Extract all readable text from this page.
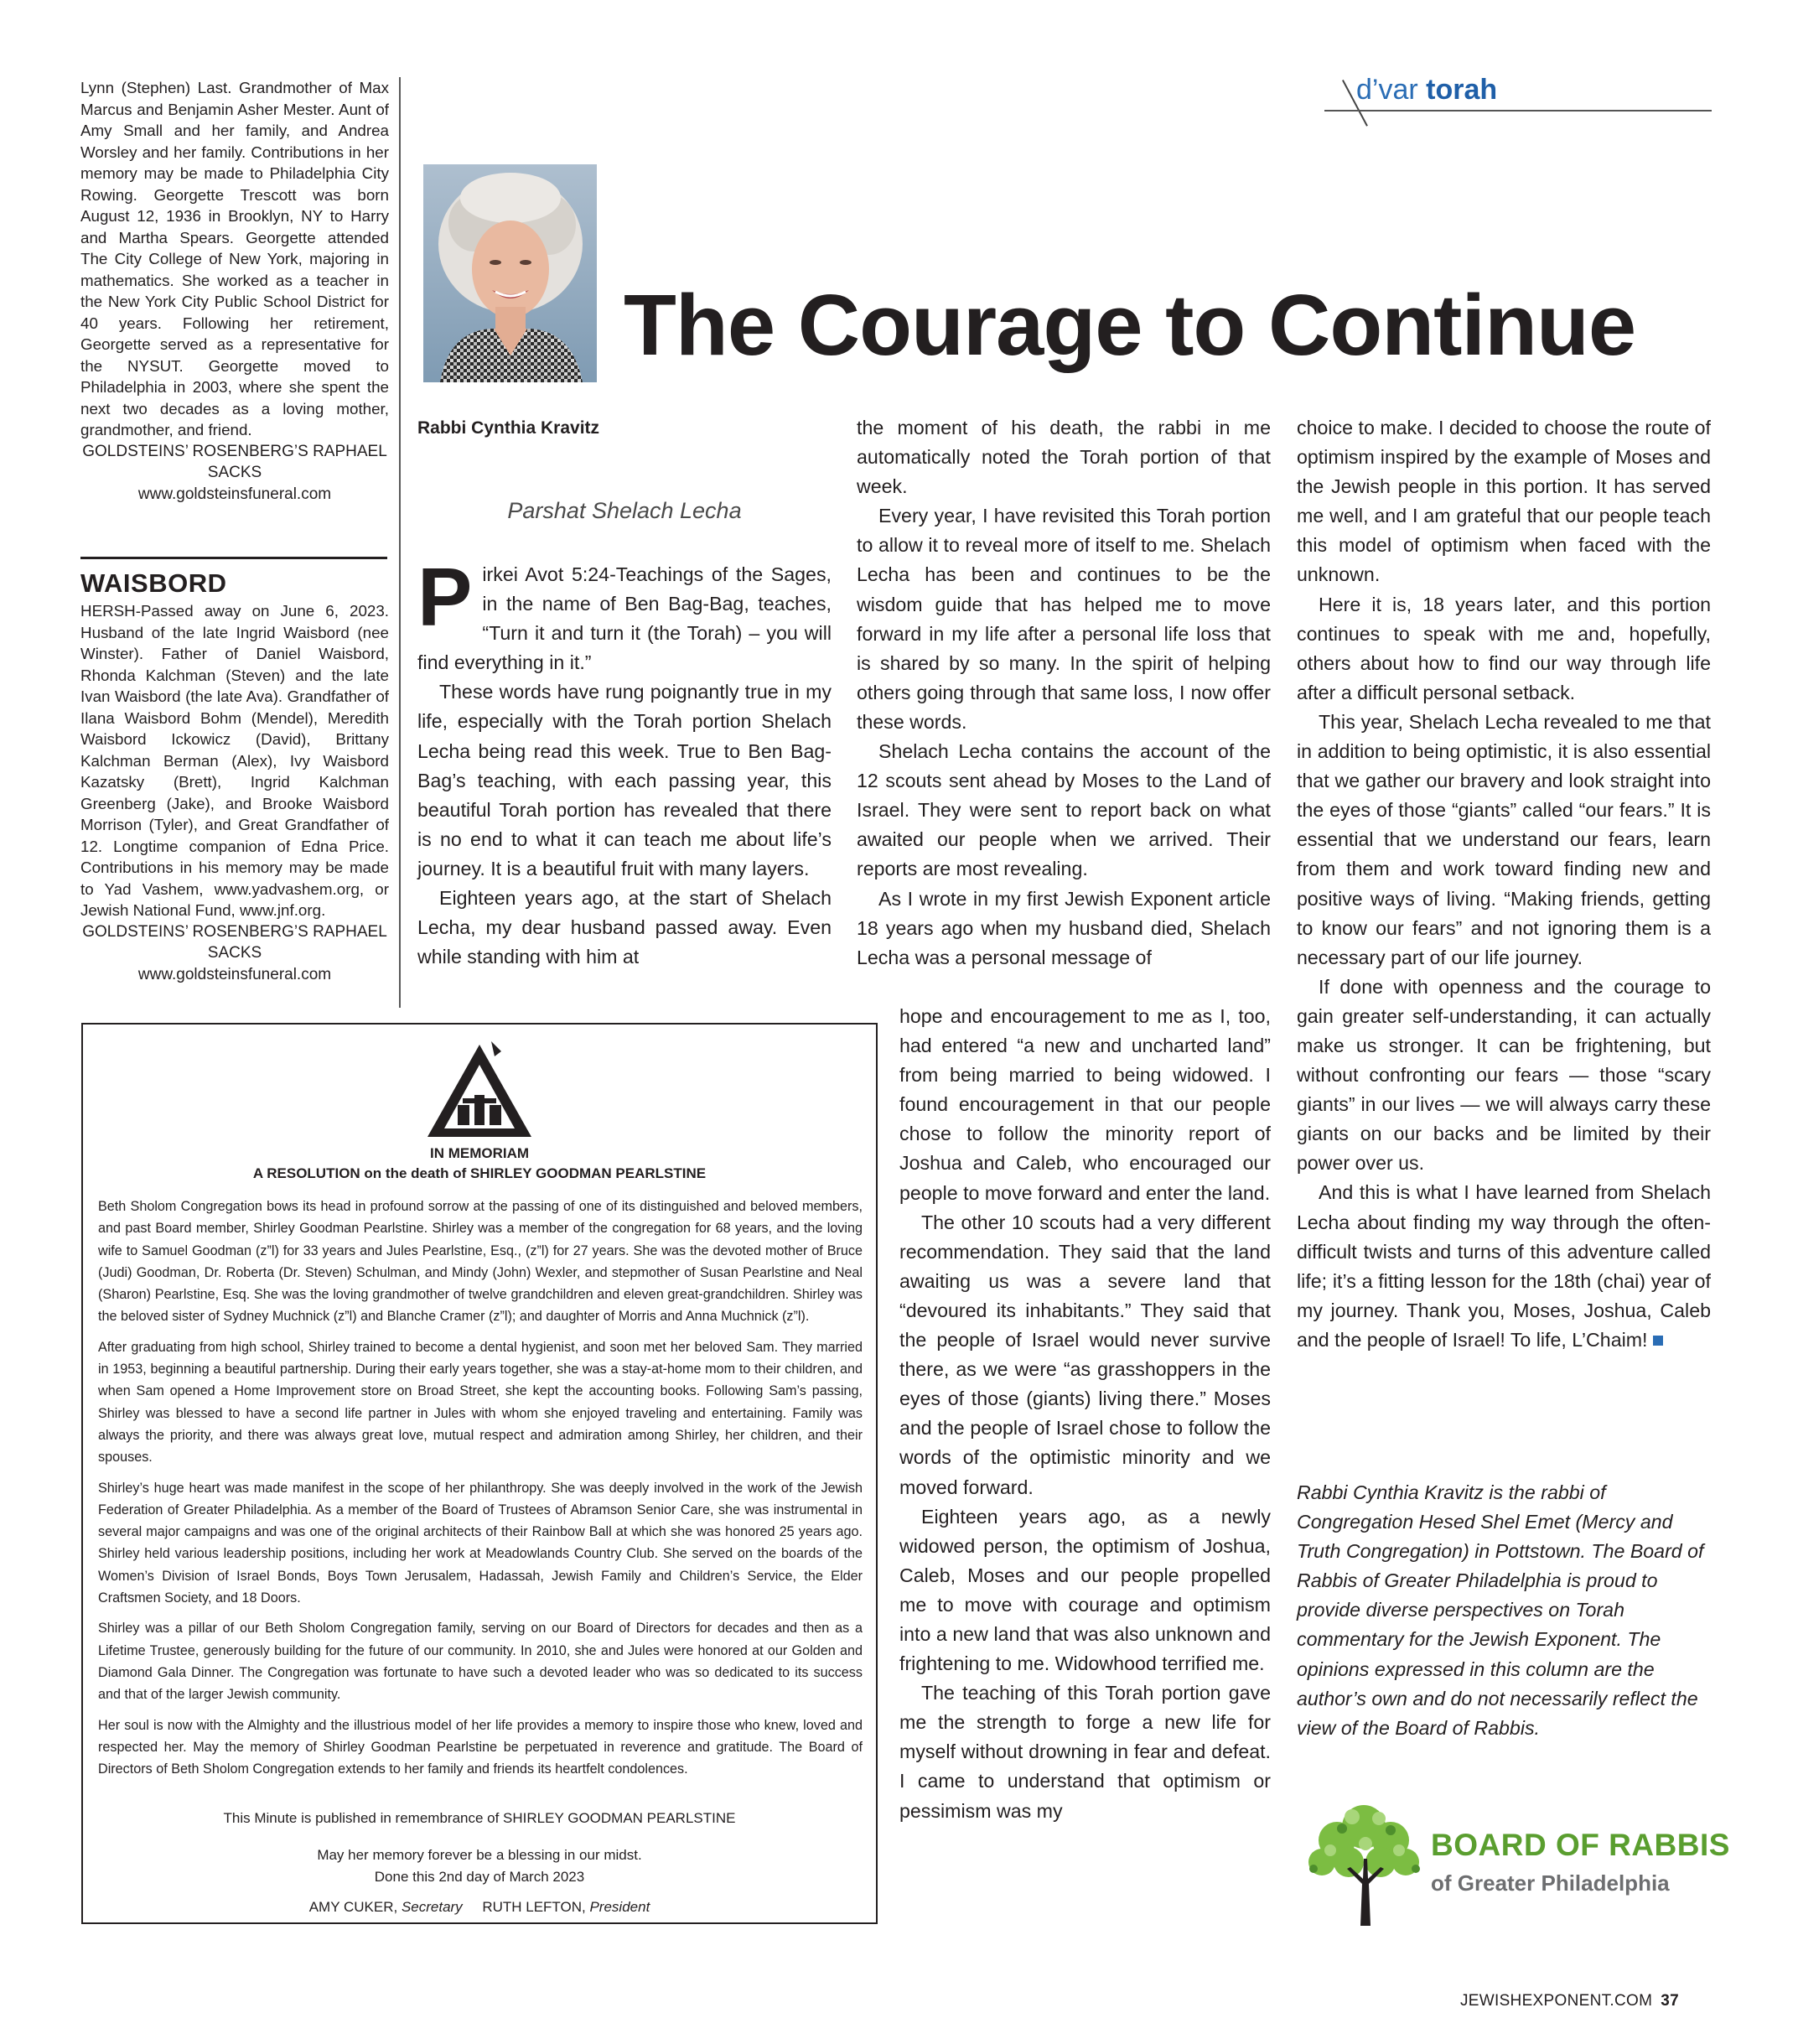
Lynn (Stephen) Last. Grandmother of Max Marcus and Benjamin Asher Mester. Aunt of Amy Small and her family, and Andrea Worsley and her family. Contributions in her memory may be made to Philadelphia City Rowing. Georgette Trescott was born August 12, 1936 in Brooklyn, NY to Harry and Martha Spears. Georgette attended The City College of New York, majoring in mathematics. She worked as a teacher in the New York City Public School District for 40 years. Following her retirement, Georgette served as a representative for the NYSUT. Georgette moved to Philadelphia in 2003, where she spent the next two decades as a loving mother, grandmother, and friend.

GOLDSTEINS’ ROSENBERG’S RAPHAEL SACKS

www.goldsteinsfuneral.com

WAISBORD

HERSH-Passed away on June 6, 2023. Husband of the late Ingrid Waisbord (nee Winster). Father of Daniel Waisbord, Rhonda Kalchman (Steven) and the late Ivan Waisbord (the late Ava). Grandfather of Ilana Waisbord Bohm (Mendel), Meredith Waisbord Ickowicz (David), Brittany Kalchman Berman (Alex), Ivy Waisbord Kazatsky (Brett), Ingrid Kalchman Greenberg (Jake), and Brooke Waisbord Morrison (Tyler), and Great Grandfather of 12. Longtime companion of Edna Price. Contributions in his memory may be made to Yad Vashem, www.yadvashem.org, or Jewish National Fund, www.jnf.org.

GOLDSTEINS’ ROSENBERG’S RAPHAEL SACKS

www.goldsteinsfuneral.com

d’var torah
The Courage to Continue
Rabbi Cynthia Kravitz
Parshat Shelach Lecha

Pirkei Avot 5:24-Teachings of the Sages, in the name of Ben Bag-Bag, teaches, “Turn it and turn it (the Torah) – you will find everything in it.”

These words have rung poignantly true in my life, especially with the Torah portion Shelach Lecha being read this week. True to Ben Bag-Bag’s teaching, with each passing year, this beautiful Torah portion has revealed that there is no end to what it can teach me about life’s journey. It is a beautiful fruit with many layers.

Eighteen years ago, at the start of Shelach Lecha, my dear husband passed away. Even while standing with him at

the moment of his death, the rabbi in me automatically noted the Torah portion of that week.

Every year, I have revisited this Torah portion to allow it to reveal more of itself to me. Shelach Lecha has been and continues to be the wisdom guide that has helped me to move forward in my life after a personal life loss that is shared by so many. In the spirit of helping others going through that same loss, I now offer these words.

Shelach Lecha contains the account of the 12 scouts sent ahead by Moses to the Land of Israel. They were sent to report back on what awaited our people when we arrived. Their reports are most revealing.

As I wrote in my first Jewish Exponent article 18 years ago when my husband died, Shelach Lecha was a personal message of

hope and encouragement to me as I, too, had entered “a new and uncharted land” from being married to being widowed. I found encouragement in that our people chose to follow the minority report of Joshua and Caleb, who encouraged our people to move forward and enter the land.

The other 10 scouts had a very different recommendation. They said that the land awaiting us was a severe land that “devoured its inhabitants.” They said that the people of Israel would never survive there, as we were “as grasshoppers in the eyes of those (giants) living there.” Moses and the people of Israel chose to follow the words of the optimistic minority and we moved forward.

Eighteen years ago, as a newly widowed person, the optimism of Joshua, Caleb, Moses and our people propelled me to move with courage and optimism into a new land that was also unknown and frightening to me. Widowhood terrified me.

The teaching of this Torah portion gave me the strength to forge a new life for myself without drowning in fear and defeat. I came to understand that optimism or pessimism was my

choice to make. I decided to choose the route of optimism inspired by the example of Moses and the Jewish people in this portion. It has served me well, and I am grateful that our people teach this model of optimism when faced with the unknown.

Here it is, 18 years later, and this portion continues to speak with me and, hopefully, others about how to find our way through life after a difficult personal setback.

This year, Shelach Lecha revealed to me that in addition to being optimistic, it is also essential that we gather our bravery and look straight into the eyes of those “giants” called “our fears.” It is essential that we understand our fears, learn from them and work toward finding new and positive ways of living. “Making friends, getting to know our fears” and not ignoring them is a necessary part of our life journey.

If done with openness and the courage to gain greater self-understanding, it can actually make us stronger. It can be frightening, but without confronting our fears — those “scary giants” in our lives — we will always carry these giants on our backs and be limited by their power over us.

And this is what I have learned from Shelach Lecha about finding my way through the often-difficult twists and turns of this adventure called life; it’s a fitting lesson for the 18th (chai) year of my journey. Thank you, Moses, Joshua, Caleb and the people of Israel! To life, L’Chaim!

Rabbi Cynthia Kravitz is the rabbi of Congregation Hesed Shel Emet (Mercy and Truth Congregation) in Pottstown. The Board of Rabbis of Greater Philadelphia is proud to provide diverse perspectives on Torah commentary for the Jewish Exponent. The opinions expressed in this column are the author’s own and do not necessarily reflect the view of the Board of Rabbis.
BOARD OF RABBIS
of Greater Philadelphia
IN MEMORIAM
A RESOLUTION on the death of SHIRLEY GOODMAN PEARLSTINE

Beth Sholom Congregation bows its head in profound sorrow at the passing of one of its distinguished and beloved members, and past Board member, Shirley Goodman Pearlstine. Shirley was a member of the congregation for 68 years, and the loving wife to Samuel Goodman (z”l) for 33 years and Jules Pearlstine, Esq., (z”l) for 27 years. She was the devoted mother of Bruce (Judi) Goodman, Dr. Roberta (Dr. Steven) Schulman, and Mindy (John) Wexler, and stepmother of Susan Pearlstine and Neal (Sharon) Pearlstine, Esq. She was the loving grandmother of twelve grandchildren and eleven great-grandchildren. Shirley was the beloved sister of Sydney Muchnick (z”l) and Blanche Cramer (z”l); and daughter of Morris and Anna Muchnick (z”l).

After graduating from high school, Shirley trained to become a dental hygienist, and soon met her beloved Sam. They married in 1953, beginning a beautiful partnership. During their early years together, she was a stay-at-home mom to their children, and when Sam opened a Home Improvement store on Broad Street, she kept the accounting books. Following Sam’s passing, Shirley was blessed to have a second life partner in Jules with whom she enjoyed traveling and entertaining. Family was always the priority, and there was always great love, mutual respect and admiration among Shirley, her children, and their spouses.

Shirley’s huge heart was made manifest in the scope of her philanthropy. She was deeply involved in the work of the Jewish Federation of Greater Philadelphia. As a member of the Board of Trustees of Abramson Senior Care, she was instrumental in several major campaigns and was one of the original architects of their Rainbow Ball at which she was honored 25 years ago. Shirley held various leadership positions, including her work at Meadowlands Country Club. She served on the boards of the Women’s Division of Israel Bonds, Boys Town Jerusalem, Hadassah, Jewish Family and Children’s Service, the Elder Craftsmen Society, and 18 Doors.

Shirley was a pillar of our Beth Sholom Congregation family, serving on our Board of Directors for decades and then as a Lifetime Trustee, generously building for the future of our community. In 2010, she and Jules were honored at our Golden and Diamond Gala Dinner. The Congregation was fortunate to have such a devoted leader who was so dedicated to its success and that of the larger Jewish community.

Her soul is now with the Almighty and the illustrious model of her life provides a memory to inspire those who knew, loved and respected her. May the memory of Shirley Goodman Pearlstine be perpetuated in reverence and gratitude. The Board of Directors of Beth Sholom Congregation extends to her family and friends its heartfelt condolences.

This Minute is published in remembrance of SHIRLEY GOODMAN PEARLSTINE

May her memory forever be a blessing in our midst.

Done this 2nd day of March 2023

AMY CUKER, Secretary RUTH LEFTON, President

JEWISHEXPONENT.COM 37
